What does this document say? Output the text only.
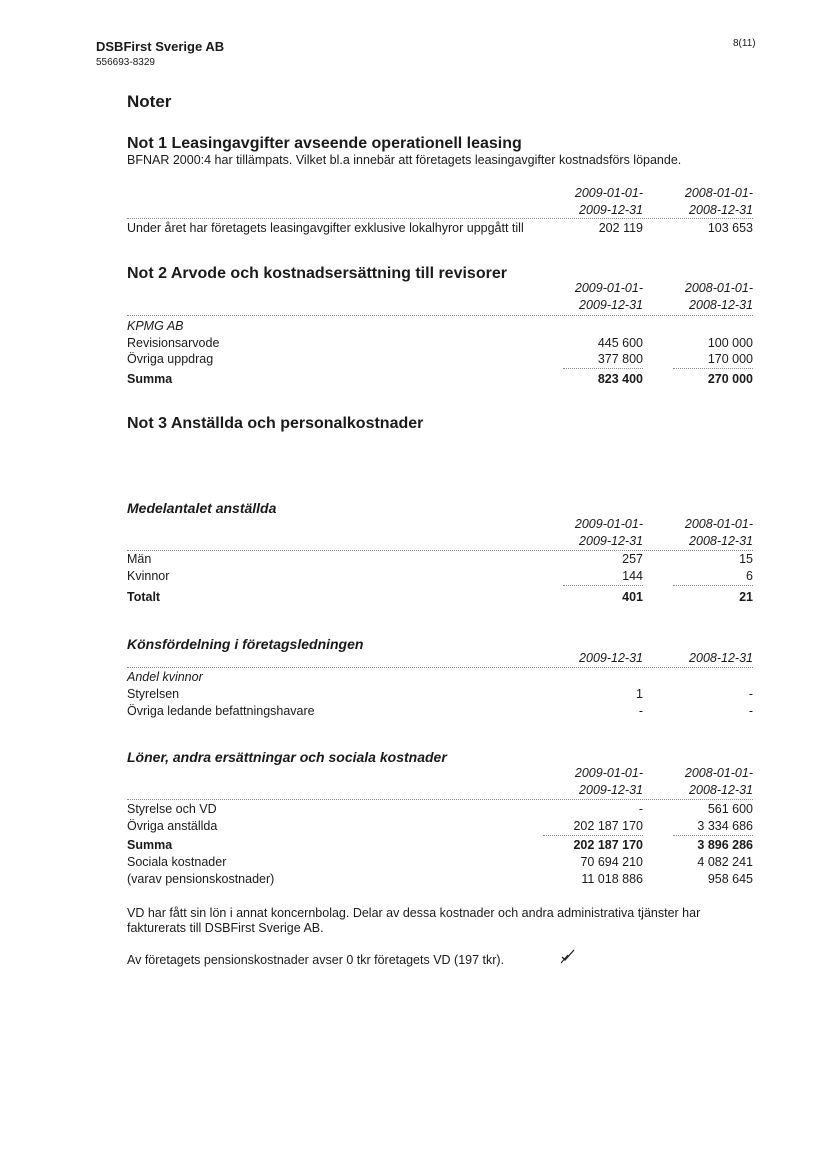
DSBFirst Sverige AB
556693-8329
8(11)
Noter
Not 1 Leasingavgifter avseende operationell leasing
BFNAR 2000:4 har tillämpats. Vilket bl.a innebär att företagets leasingavgifter kostnadsförs löpande.
2009-01-01-	2008-01-01-
2009-12-31	2008-12-31
Under året har företagets leasingavgifter exklusive lokalhyror uppgått till	202 119	103 653
Not 2 Arvode och kostnadsersättning till revisorer
2009-01-01-	2008-01-01-
2009-12-31	2008-12-31
KPMG AB
Revisionsarvode	445 600	100 000
Övriga uppdrag	377 800	170 000
Summa	823 400	270 000
Not 3 Anställda och personalkostnader
Medelantalet anställda
2009-01-01-	2008-01-01-
2009-12-31	2008-12-31
Män	257	15
Kvinnor	144	6
Totalt	401	21
Könsfördelning i företagsledningen
2009-12-31	2008-12-31
Andel kvinnor
Styrelsen	1	-
Övriga ledande befattningshavare	-	-
Löner, andra ersättningar och sociala kostnader
2009-01-01-	2008-01-01-
2009-12-31	2008-12-31
Styrelse och VD	-	561 600
Övriga anställda	202 187 170	3 334 686
Summa	202 187 170	3 896 286
Sociala kostnader	70 694 210	4 082 241
(varav pensionskostnader)	11 018 886	958 645
VD har fått sin lön i annat koncernbolag. Delar av dessa kostnader och andra administrativa tjänster har fakturerats till DSBFirst Sverige AB.
Av företagets pensionskostnader avser 0 tkr företagets VD (197 tkr).
